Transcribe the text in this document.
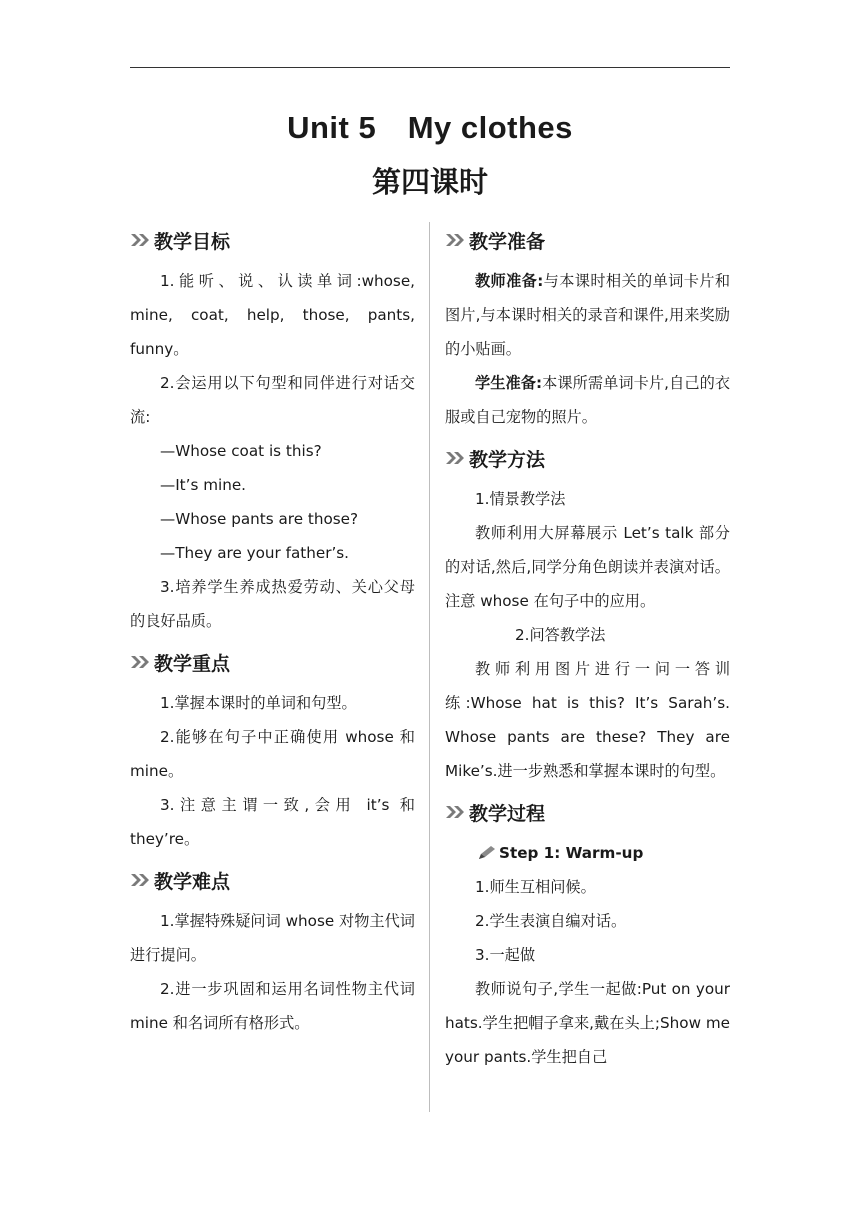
Unit 5　My clothes
第四课时
教学目标

1.能听、说、认读单词:whose, mine, coat, help, those, pants, funny。

2.会运用以下句型和同伴进行对话交流:

—Whose coat is this?

—It’s mine.

—Whose pants are those?

—They are your father’s.

3.培养学生养成热爱劳动、关心父母的良好品质。

教学重点

1.掌握本课时的单词和句型。

2.能够在句子中正确使用 whose 和 mine。

3.注意主谓一致,会用 it’s 和 they’re。

教学难点

1.掌握特殊疑问词 whose 对物主代词进行提问。

2.进一步巩固和运用名词性物主代词 mine 和名词所有格形式。

教学准备

教师准备:与本课时相关的单词卡片和图片,与本课时相关的录音和课件,用来奖励的小贴画。

学生准备:本课所需单词卡片,自己的衣服或自己宠物的照片。

教学方法

1.情景教学法

教师利用大屏幕展示 Let’s talk 部分的对话,然后,同学分角色朗读并表演对话。注意 whose 在句子中的应用。

2.问答教学法

教师利用图片进行一问一答训练:Whose hat is this? It’s Sarah’s. Whose pants are these? They are Mike’s.进一步熟悉和掌握本课时的句型。

教学过程
Step 1: Warm-up

1.师生互相问候。

2.学生表演自编对话。

3.一起做

教师说句子,学生一起做:Put on your hats.学生把帽子拿来,戴在头上;Show me your pants.学生把自己
